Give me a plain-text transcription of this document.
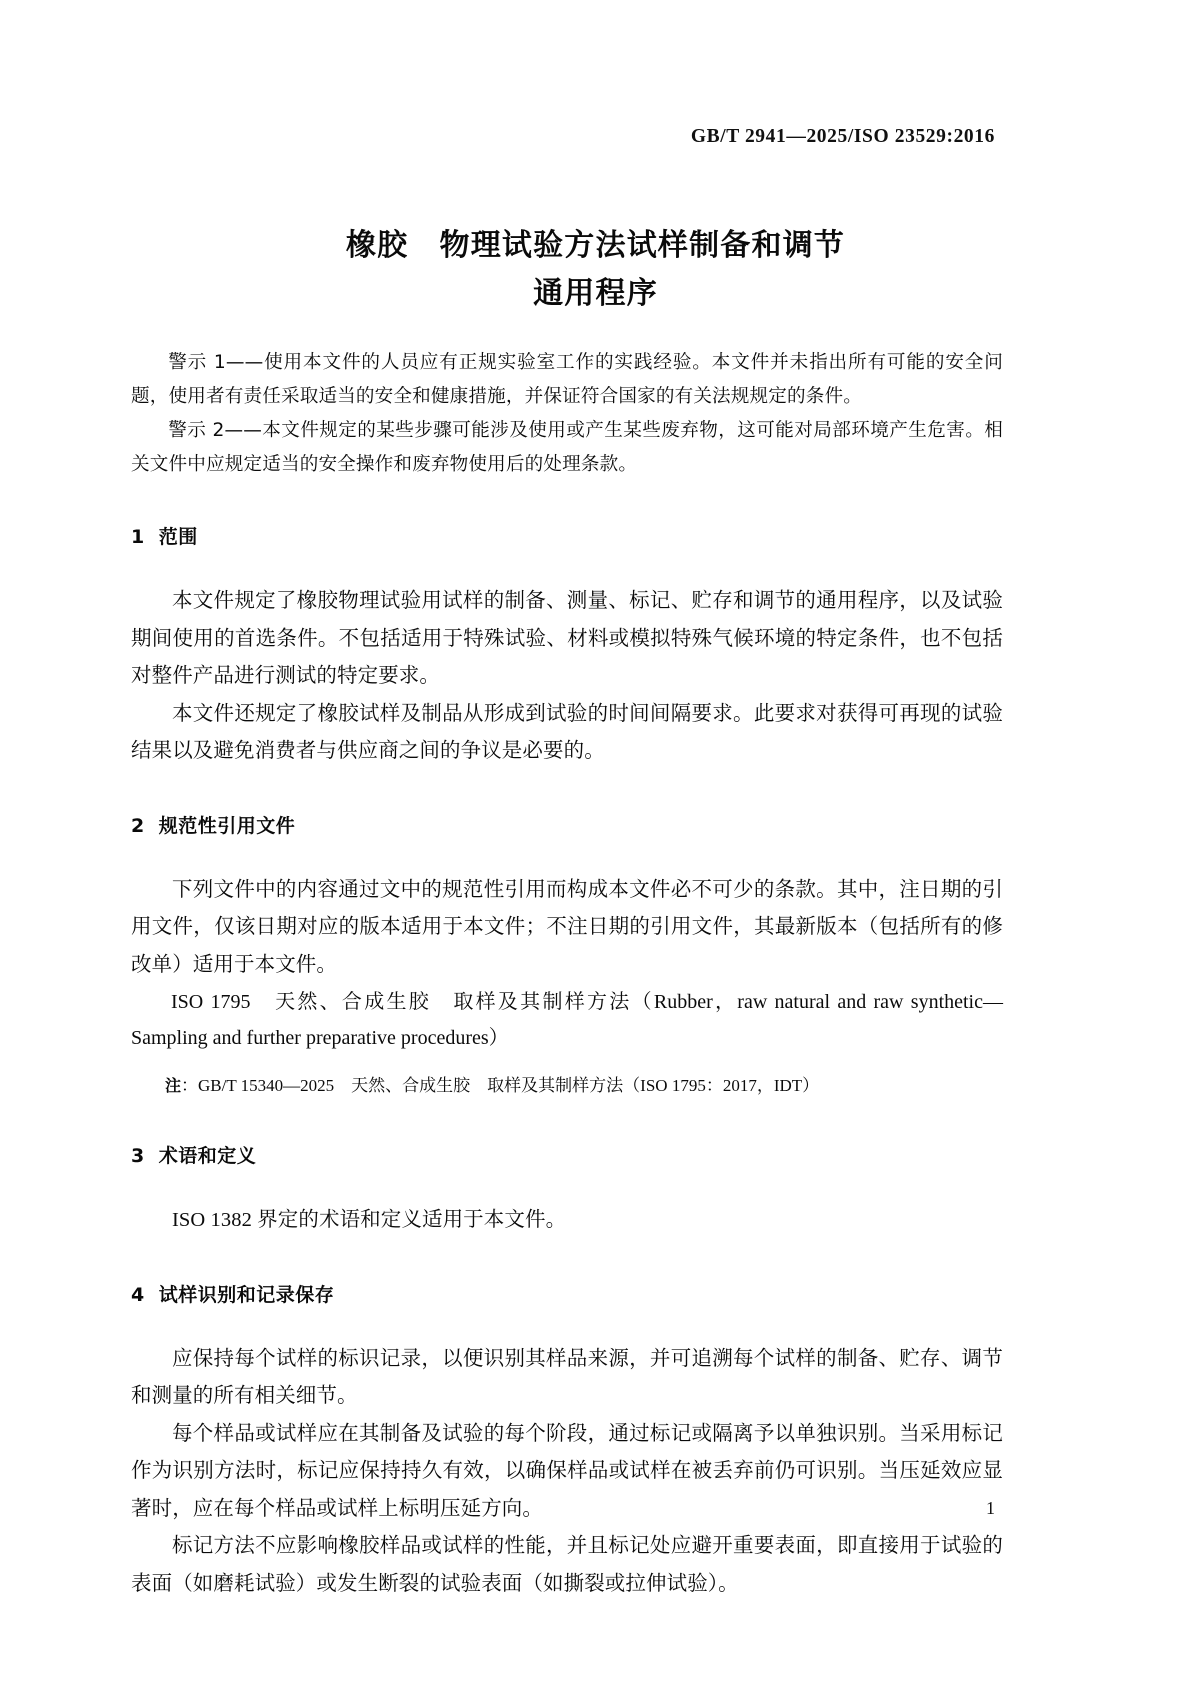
GB/T 2941—2025/ISO 23529:2016
橡胶　物理试验方法试样制备和调节
通用程序

警示 1——使用本文件的人员应有正规实验室工作的实践经验。本文件并未指出所有可能的安全问题，使用者有责任采取适当的安全和健康措施，并保证符合国家的有关法规规定的条件。

警示 2——本文件规定的某些步骤可能涉及使用或产生某些废弃物，这可能对局部环境产生危害。相关文件中应规定适当的安全操作和废弃物使用后的处理条款。

1 范围

本文件规定了橡胶物理试验用试样的制备、测量、标记、贮存和调节的通用程序，以及试验期间使用的首选条件。不包括适用于特殊试验、材料或模拟特殊气候环境的特定条件，也不包括对整件产品进行测试的特定要求。

本文件还规定了橡胶试样及制品从形成到试验的时间间隔要求。此要求对获得可再现的试验结果以及避免消费者与供应商之间的争议是必要的。

2 规范性引用文件

下列文件中的内容通过文中的规范性引用而构成本文件必不可少的条款。其中，注日期的引用文件，仅该日期对应的版本适用于本文件；不注日期的引用文件，其最新版本（包括所有的修改单）适用于本文件。

ISO 1795　天然、合成生胶　取样及其制样方法（Rubber，raw natural and raw synthetic—Sampling and further preparative procedures）

注：GB/T 15340—2025　天然、合成生胶　取样及其制样方法（ISO 1795：2017，IDT）

3 术语和定义

ISO 1382 界定的术语和定义适用于本文件。

4 试样识别和记录保存

应保持每个试样的标识记录，以便识别其样品来源，并可追溯每个试样的制备、贮存、调节和测量的所有相关细节。

每个样品或试样应在其制备及试验的每个阶段，通过标记或隔离予以单独识别。当采用标记作为识别方法时，标记应保持持久有效，以确保样品或试样在被丢弃前仍可识别。当压延效应显著时，应在每个样品或试样上标明压延方向。

标记方法不应影响橡胶样品或试样的性能，并且标记处应避开重要表面，即直接用于试验的表面（如磨耗试验）或发生断裂的试验表面（如撕裂或拉伸试验）。

1
